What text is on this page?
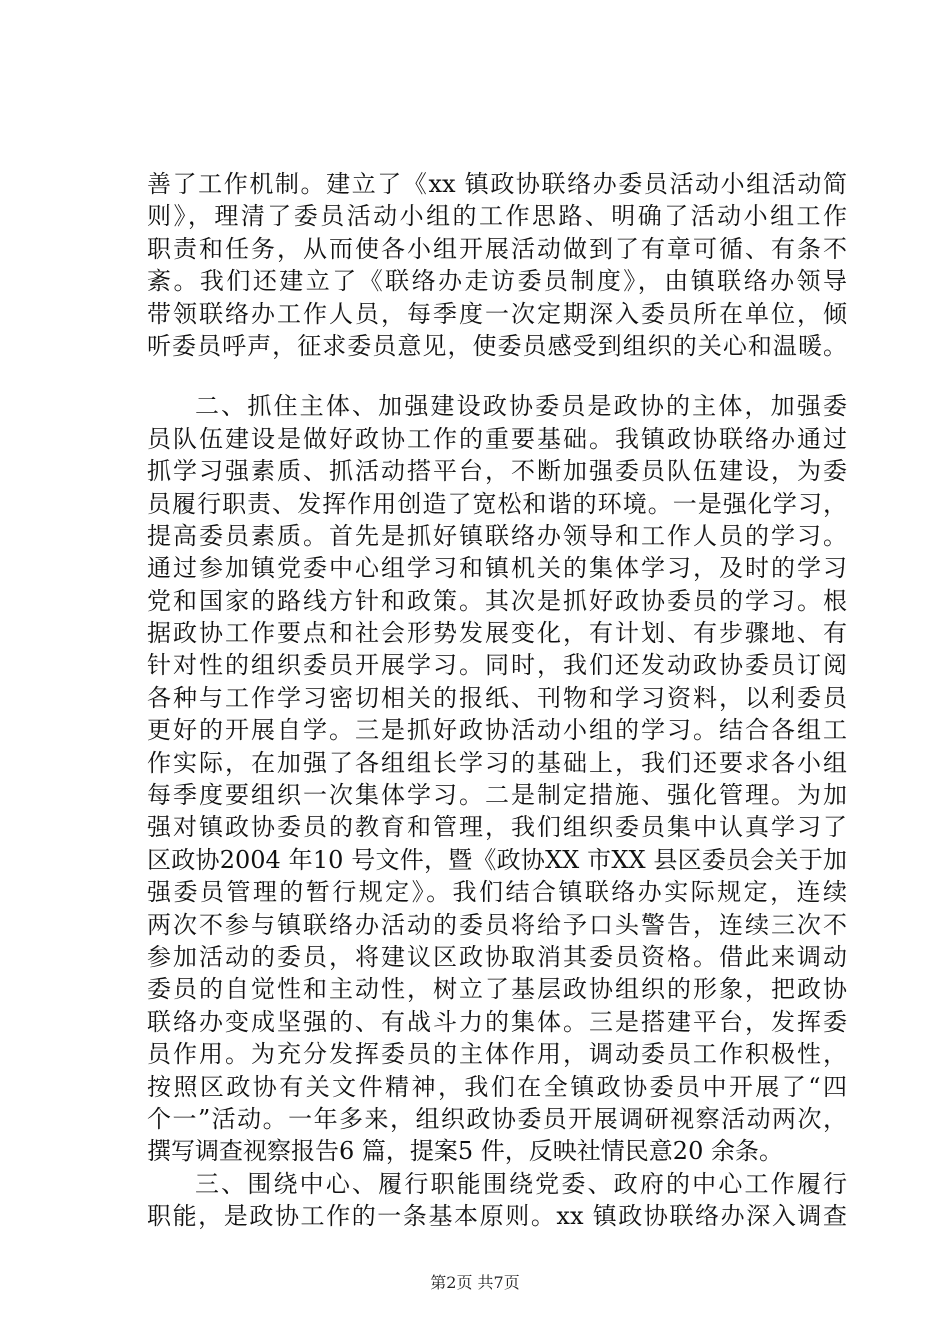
善了工作机制。建立了《xx 镇政协联络办委员活动小组活动简
则》，理清了委员活动小组的工作思路、明确了活动小组工作
职责和任务，从而使各小组开展活动做到了有章可循、有条不
紊。我们还建立了《联络办走访委员制度》，由镇联络办领导
带领联络办工作人员，每季度一次定期深入委员所在单位，倾
听委员呼声，征求委员意见，使委员感受到组织的关心和温暖。
二、抓住主体、加强建设政协委员是政协的主体，加强委
员队伍建设是做好政协工作的重要基础。我镇政协联络办通过
抓学习强素质、抓活动搭平台，不断加强委员队伍建设，为委
员履行职责、发挥作用创造了宽松和谐的环境。一是强化学习，
提高委员素质。首先是抓好镇联络办领导和工作人员的学习。
通过参加镇党委中心组学习和镇机关的集体学习，及时的学习
党和国家的路线方针和政策。其次是抓好政协委员的学习。根
据政协工作要点和社会形势发展变化，有计划、有步骤地、有
针对性的组织委员开展学习。同时，我们还发动政协委员订阅
各种与工作学习密切相关的报纸、刊物和学习资料，以利委员
更好的开展自学。三是抓好政协活动小组的学习。结合各组工
作实际，在加强了各组组长学习的基础上，我们还要求各小组
每季度要组织一次集体学习。二是制定措施、强化管理。为加
强对镇政协委员的教育和管理，我们组织委员集中认真学习了
区政协2004 年10 号文件，暨《政协XX 市XX 县区委员会关于加
强委员管理的暂行规定》。我们结合镇联络办实际规定，连续
两次不参与镇联络办活动的委员将给予口头警告，连续三次不
参加活动的委员，将建议区政协取消其委员资格。借此来调动
委员的自觉性和主动性，树立了基层政协组织的形象，把政协
联络办变成坚强的、有战斗力的集体。三是搭建平台，发挥委
员作用。为充分发挥委员的主体作用，调动委员工作积极性，
按照区政协有关文件精神，我们在全镇政协委员中开展了“四
个一”活动。一年多来，组织政协委员开展调研视察活动两次，
撰写调查视察报告6 篇，提案5 件，反映社情民意20 余条。
三、围绕中心、履行职能围绕党委、政府的中心工作履行
职能，是政协工作的一条基本原则。xx 镇政协联络办深入调查
第2页 共7页
